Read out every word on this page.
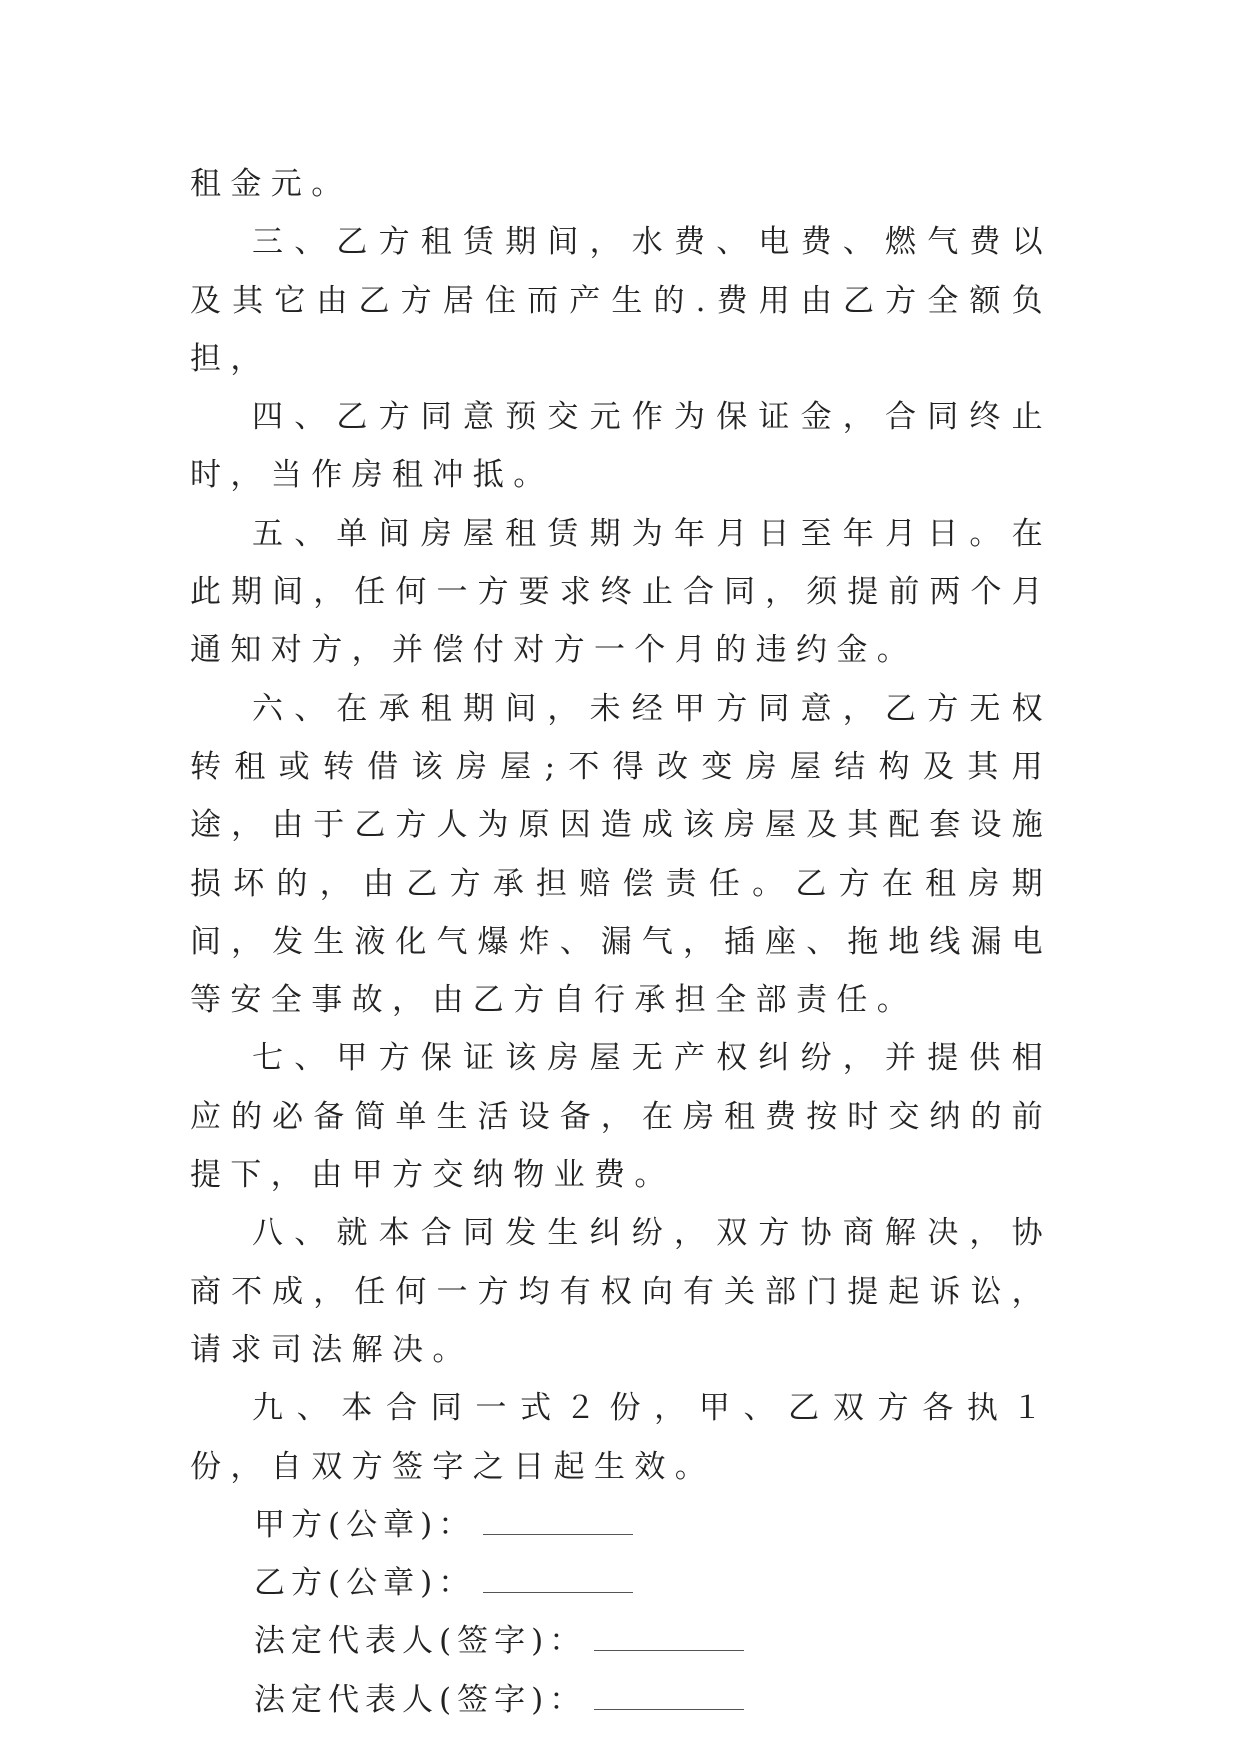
租金元。

三、乙方租赁期间，水费、电费、燃气费以及其它由乙方居住而产生的.费用由乙方全额负担，

四、乙方同意预交元作为保证金，合同终止时，当作房租冲抵。

五、单间房屋租赁期为年月日至年月日。在此期间，任何一方要求终止合同，须提前两个月通知对方，并偿付对方一个月的违约金。

六、在承租期间，未经甲方同意，乙方无权转租或转借该房屋;不得改变房屋结构及其用途，由于乙方人为原因造成该房屋及其配套设施损坏的，由乙方承担赔偿责任。乙方在租房期间，发生液化气爆炸、漏气，插座、拖地线漏电等安全事故，由乙方自行承担全部责任。

七、甲方保证该房屋无产权纠纷，并提供相应的必备简单生活设备，在房租费按时交纳的前提下，由甲方交纳物业费。

八、就本合同发生纠纷，双方协商解决，协商不成，任何一方均有权向有关部门提起诉讼，请求司法解决。

九、本合同一式２份，甲、乙双方各执１份，自双方签字之日起生效。

甲方(公章)：

乙方(公章)：

法定代表人(签字)：

法定代表人(签字)：
